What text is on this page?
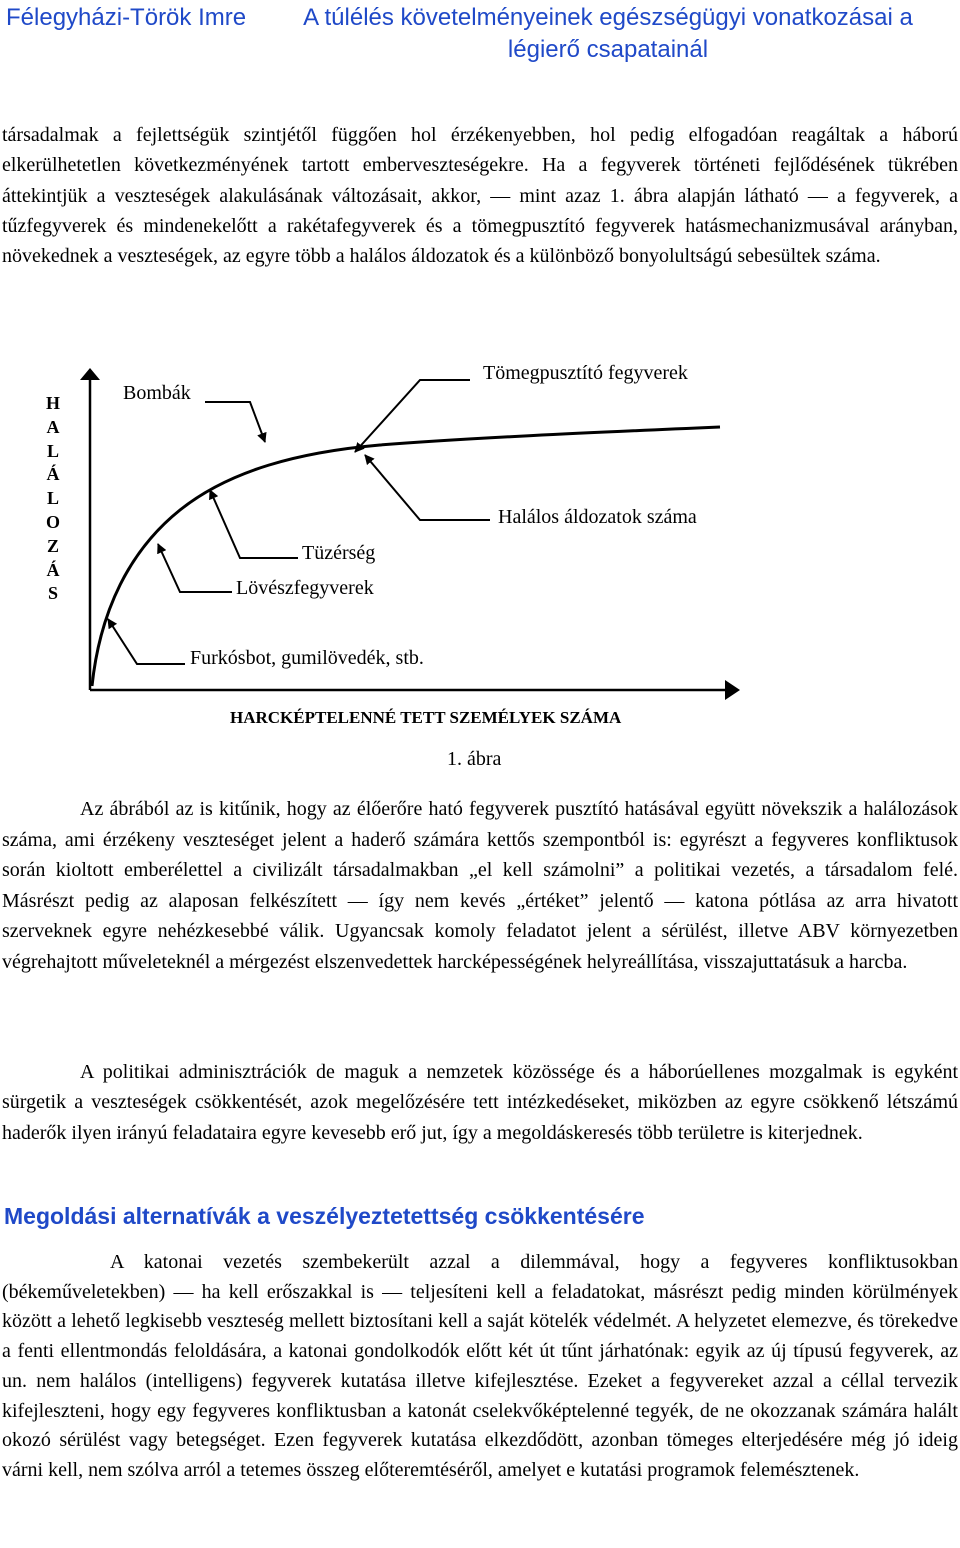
Félegyházi-Török Imre A túlélés követelményeinek egészségügyi vonatkozásai a légierő csapatainál

társadalmak a fejlettségük szintjétől függően hol érzékenyebben, hol pedig elfogadóan reagáltak a háború elkerülhetetlen következményének tartott emberveszteségekre. Ha a fegyverek történeti fejlődésének tükrében áttekintjük a veszteségek alakulásának változásait, akkor, — mint azaz 1. ábra alapján látható — a fegyverek, a tűzfegyverek és mindenekelőtt a rakétafegyverek és a tömegpusztító fegyverek hatásmechanizmusával arányban, növekednek a veszteségek, az egyre több a halálos áldozatok és a különböző bonyolultságú sebesültek száma.

H
A
L
Á
L
O
Z
Á
S
Bombák
Tömegpusztító fegyverek
Halálos áldozatok száma
Tüzérség
Lövészfegyverek
Furkósbot, gumilövedék, stb.
HARCKÉPTELENNÉ TETT SZEMÉLYEK SZÁMA
1. ábra

Az ábrából az is kitűnik, hogy az élőerőre ható fegyverek pusztító hatásával együtt növekszik a halálozások száma, ami érzékeny veszteséget jelent a haderő számára kettős szempontból is: egyrészt a fegyveres konfliktusok során kioltott emberélettel a civilizált társadalmakban „el kell számolni” a politikai vezetés, a társadalom felé. Másrészt pedig az alaposan felkészített — így nem kevés „értéket” jelentő — katona pótlása az arra hivatott szerveknek egyre nehézkesebbé válik. Ugyancsak komoly feladatot jelent a sérülést, illetve ABV környezetben végrehajtott műveleteknél a mérgezést elszenvedettek harcképességének helyreállítása, visszajuttatásuk a harcba.

A politikai adminisztrációk de maguk a nemzetek közössége és a háborúellenes mozgalmak is egyként sürgetik a veszteségek csökkentését, azok megelőzésére tett intézkedéseket, miközben az egyre csökkenő létszámú haderők ilyen irányú feladataira egyre kevesebb erő jut, így a megoldáskeresés több területre is kiterjednek.

Megoldási alternatívák a veszélyeztetettség csökkentésére

A katonai vezetés szembekerült azzal a dilemmával, hogy a fegyveres konfliktusokban (békeműveletekben) — ha kell erőszakkal is — teljesíteni kell a feladatokat, másrészt pedig minden körülmények között a lehető legkisebb veszteség mellett biztosítani kell a saját kötelék védelmét. A helyzetet elemezve, és törekedve a fenti ellentmondás feloldására, a katonai gondolkodók előtt két út tűnt járhatónak: egyik az új típusú fegyverek, az un. nem halálos (intelligens) fegyverek kutatása illetve kifejlesztése. Ezeket a fegyvereket azzal a céllal tervezik kifejleszteni, hogy egy fegyveres konfliktusban a katonát cselekvőképtelenné tegyék, de ne okozzanak számára halált okozó sérülést vagy betegséget. Ezen fegyverek kutatása elkezdődött, azonban tömeges elterjedésére még jó ideig várni kell, nem szólva arról a tetemes összeg előteremtéséről, amelyet e kutatási programok felemésztenek.
